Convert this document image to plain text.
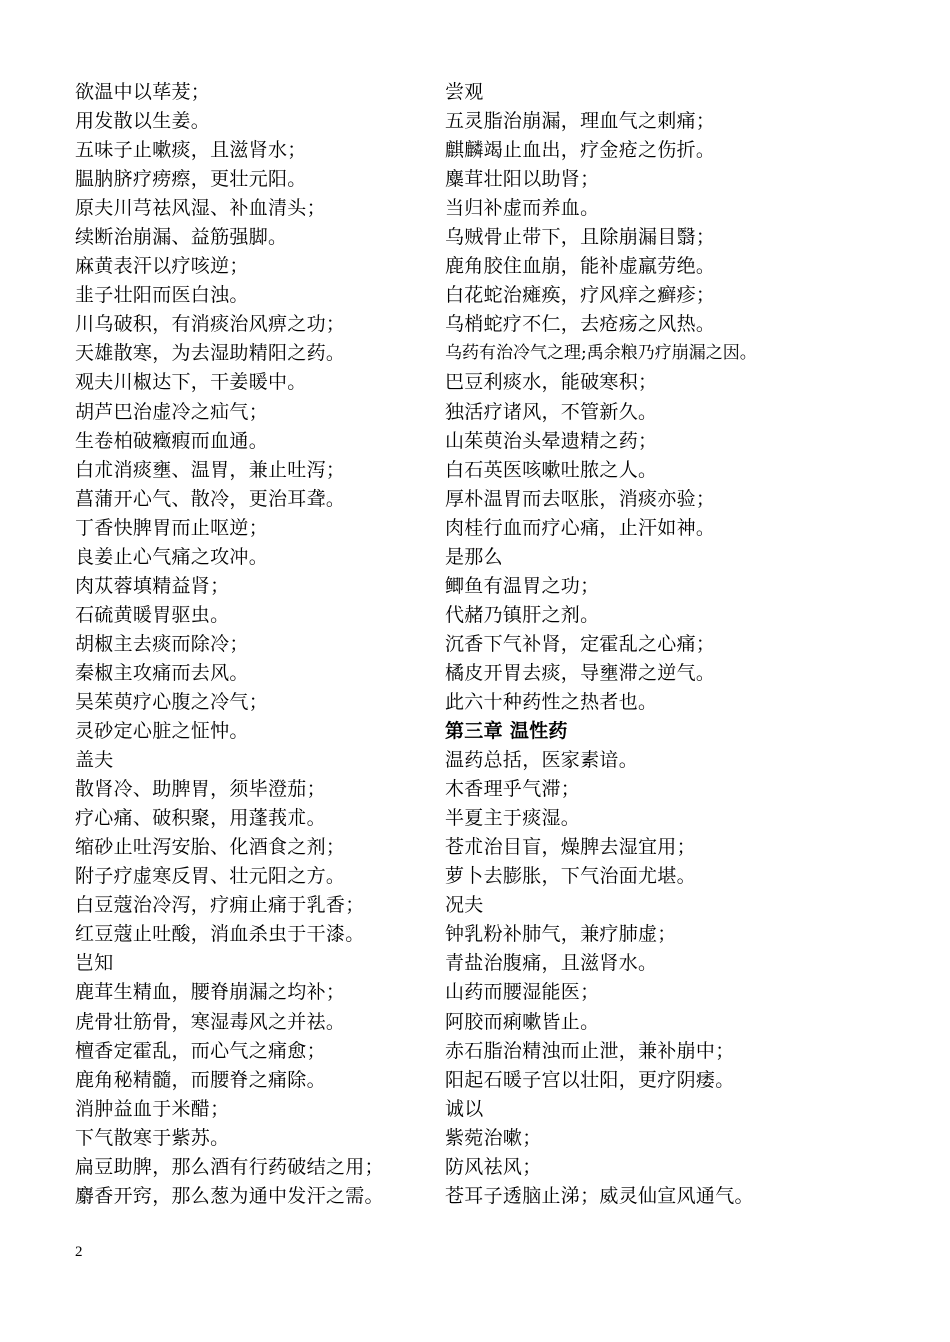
欲温中以荜茇；
用发散以生姜。
五味子止嗽痰，且滋肾水；
腽肭脐疗痨瘵，更壮元阳。
原夫川芎祛风湿、补血清头；
续断治崩漏、益筋强脚。
麻黄表汗以疗咳逆；
韭子壮阳而医白浊。
川乌破积，有消痰治风痹之功；
天雄散寒，为去湿助精阳之药。
观夫川椒达下，干姜暖中。
胡芦巴治虚冷之疝气；
生卷柏破癥瘕而血通。
白朮消痰壅、温胃，兼止吐泻；
菖蒲开心气、散冷，更治耳聋。
丁香快脾胃而止呕逆；
良姜止心气痛之攻冲。
肉苁蓉填精益肾；
石硫黄暖胃驱虫。
胡椒主去痰而除冷；
秦椒主攻痛而去风。
吴茱萸疗心腹之冷气；
灵砂定心脏之怔忡。
盖夫
散肾冷、助脾胃，须毕澄茄；
疗心痛、破积聚，用蓬莪朮。
缩砂止吐泻安胎、化酒食之剂；
附子疗虚寒反胃、壮元阳之方。
白豆蔻治冷泻，疗痈止痛于乳香；
红豆蔻止吐酸，消血杀虫于干漆。
岂知
鹿茸生精血，腰脊崩漏之均补；
虎骨壮筋骨，寒湿毒风之并祛。
檀香定霍乱，而心气之痛愈；
鹿角秘精髓，而腰脊之痛除。
消肿益血于米醋；
下气散寒于紫苏。
扁豆助脾，那么酒有行药破结之用；
麝香开窍，那么葱为通中发汗之需。
尝观
五灵脂治崩漏，理血气之刺痛；
麒麟竭止血出，疗金疮之伤折。
麋茸壮阳以助肾；
当归补虚而养血。
乌贼骨止带下，且除崩漏目翳；
鹿角胶住血崩，能补虚羸劳绝。
白花蛇治瘫痪，疗风痒之癣疹；
乌梢蛇疗不仁，去疮疡之风热。
乌药有治冷气之理;禹余粮乃疗崩漏之因。
巴豆利痰水，能破寒积；
独活疗诸风，不管新久。
山茱萸治头晕遗精之药；
白石英医咳嗽吐脓之人。
厚朴温胃而去呕胀，消痰亦验；
肉桂行血而疗心痛，止汗如神。
是那么
鲫鱼有温胃之功；
代赭乃镇肝之剂。
沉香下气补肾，定霍乱之心痛；
橘皮开胃去痰，导壅滞之逆气。
此六十种药性之热者也。
第三章 温性药
温药总括，医家素谙。
木香理乎气滞；
半夏主于痰湿。
苍朮治目盲，燥脾去湿宜用；
萝卜去膨胀，下气治面尤堪。
况夫
钟乳粉补肺气，兼疗肺虚；
青盐治腹痛，且滋肾水。
山药而腰湿能医；
阿胶而痢嗽皆止。
赤石脂治精浊而止泄，兼补崩中；
阳起石暖子宫以壮阳，更疗阴痿。
诚以
紫菀治嗽；
防风祛风；
苍耳子透脑止涕；威灵仙宣风通气。
2
